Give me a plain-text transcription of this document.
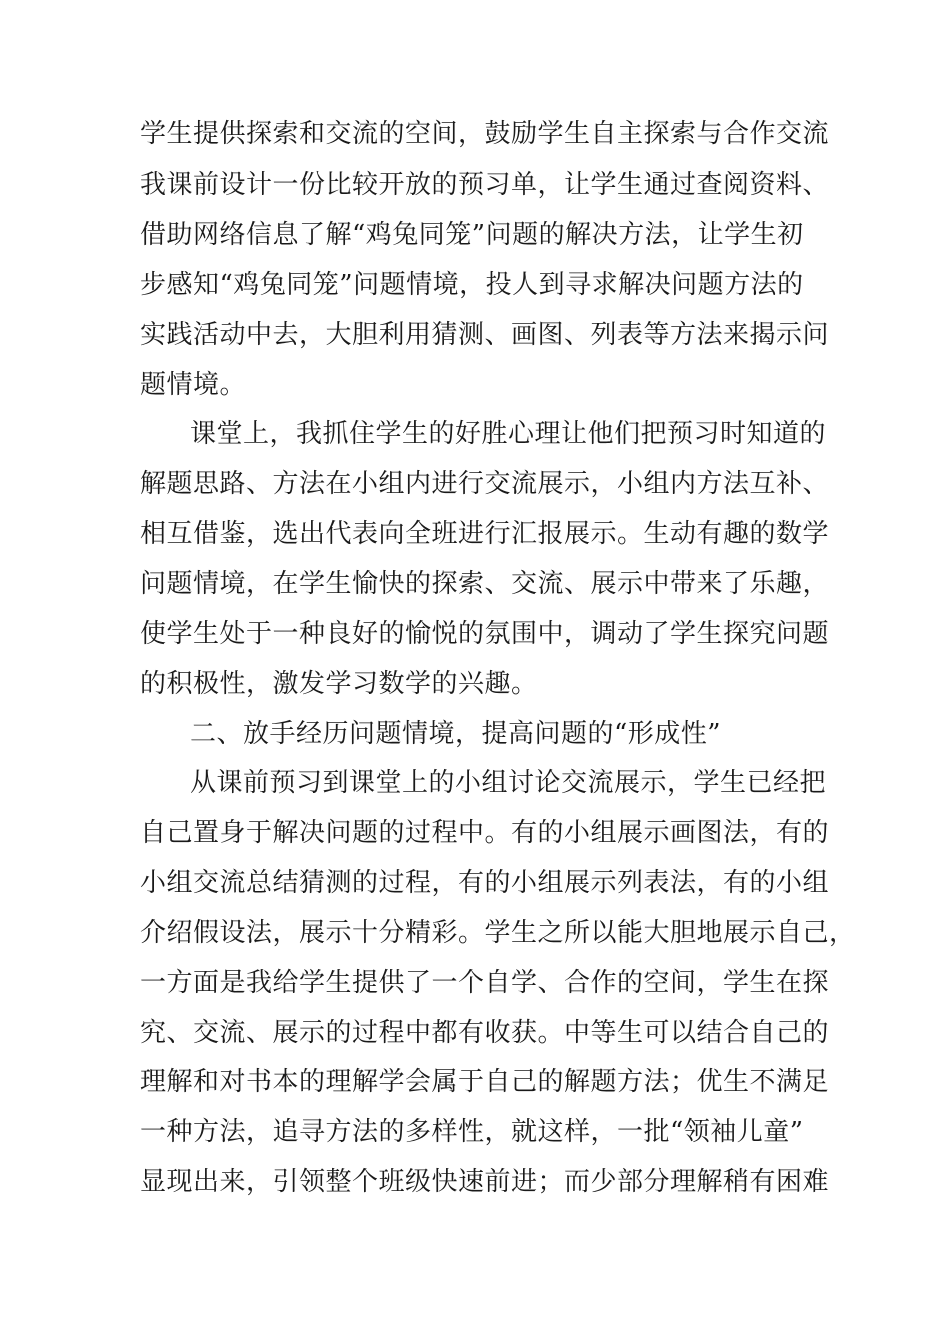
学生提供探索和交流的空间，鼓励学生自主探索与合作交流
我课前设计一份比较开放的预习单，让学生通过查阅资料、
借助网络信息了解“鸡兔同笼”问题的解决方法，让学生初
步感知“鸡兔同笼”问题情境，投人到寻求解决问题方法的
实践活动中去，大胆利用猜测、画图、列表等方法来揭示问
题情境。
课堂上，我抓住学生的好胜心理让他们把预习时知道的
解题思路、方法在小组内进行交流展示，小组内方法互补、
相互借鉴，选出代表向全班进行汇报展示。生动有趣的数学
问题情境，在学生愉快的探索、交流、展示中带来了乐趣，
使学生处于一种良好的愉悦的氛围中，调动了学生探究问题
的积极性，激发学习数学的兴趣。
二、放手经历问题情境，提高问题的“形成性”
从课前预习到课堂上的小组讨论交流展示，学生已经把
自己置身于解决问题的过程中。有的小组展示画图法，有的
小组交流总结猜测的过程，有的小组展示列表法，有的小组
介绍假设法，展示十分精彩。学生之所以能大胆地展示自己，
一方面是我给学生提供了一个自学、合作的空间，学生在探
究、交流、展示的过程中都有收获。中等生可以结合自己的
理解和对书本的理解学会属于自己的解题方法；优生不满足
一种方法，追寻方法的多样性，就这样，一批“领袖儿童”
显现出来，引领整个班级快速前进；而少部分理解稍有困难
